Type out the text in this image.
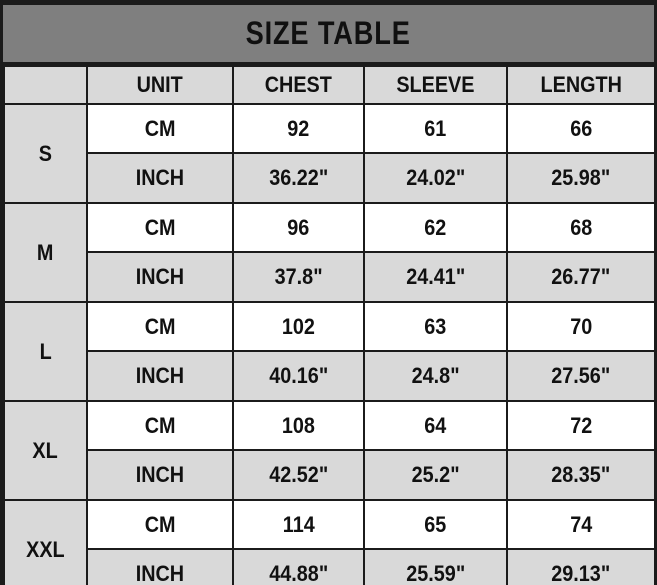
SIZE TABLE
	UNIT	CHEST	SLEEVE	LENGTH
S	CM	92	61	66
	INCH	36.22"	24.02"	25.98"
M	CM	96	62	68
	INCH	37.8"	24.41"	26.77"
L	CM	102	63	70
	INCH	40.16"	24.8"	27.56"
XL	CM	108	64	72
	INCH	42.52"	25.2"	28.35"
XXL	CM	114	65	74
	INCH	44.88"	25.59"	29.13"
